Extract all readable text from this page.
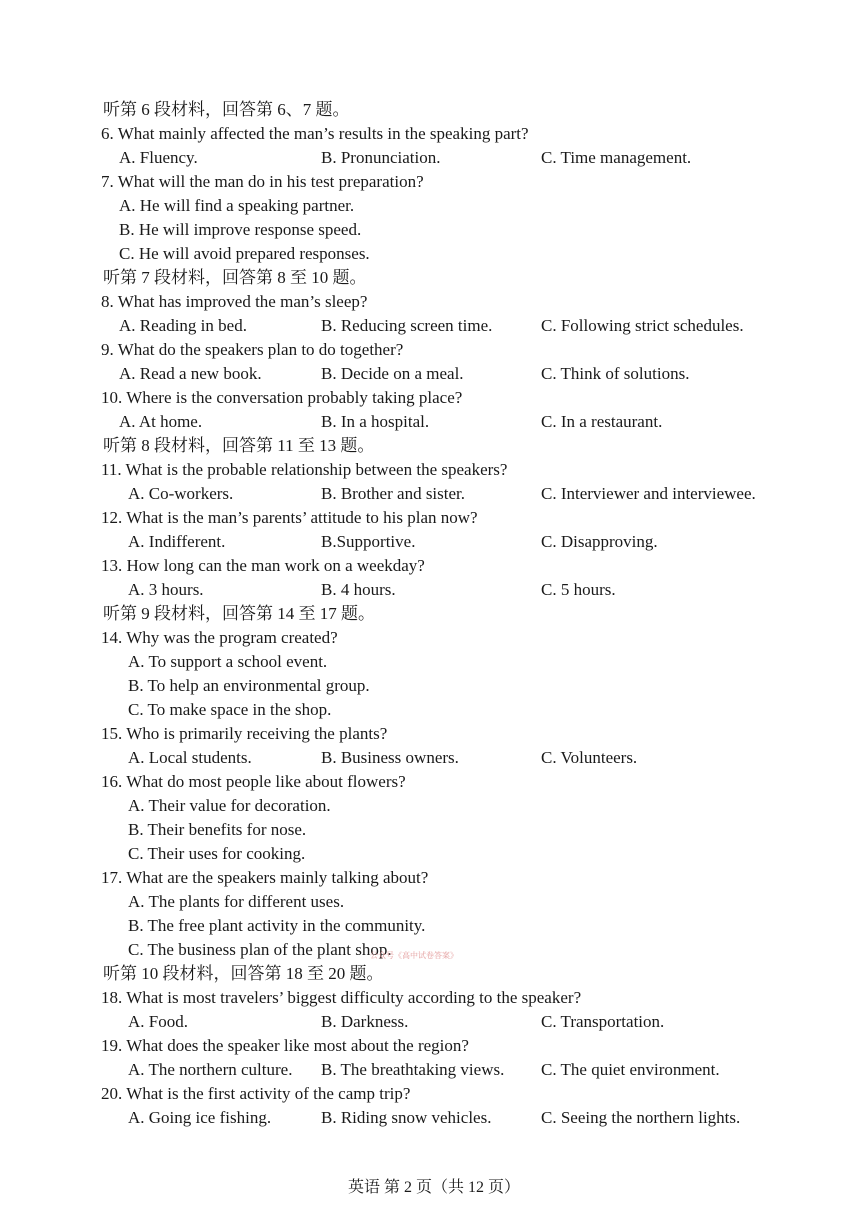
听第 6 段材料，回答第 6、7 题。
6. What mainly affected the man’s results in the speaking part?
A. Fluency.	B. Pronunciation.	C. Time management.
7. What will the man do in his test preparation?
A. He will find a speaking partner.
B. He will improve response speed.
C. He will avoid prepared responses.
听第 7 段材料，回答第 8 至 10 题。
8. What has improved the man’s sleep?
A. Reading in bed.	B. Reducing screen time.	C. Following strict schedules.
9. What do the speakers plan to do together?
A. Read a new book.	B. Decide on a meal.	C. Think of solutions.
10. Where is the conversation probably taking place?
A. At home.	B. In a hospital.	C. In a restaurant.
听第 8 段材料，回答第 11 至 13 题。
11. What is the probable relationship between the speakers?
A. Co-workers.	B. Brother and sister.	C. Interviewer and interviewee.
12. What is the man’s parents’ attitude to his plan now?
A. Indifferent.	B.Supportive.	C. Disapproving.
13. How long can the man work on a weekday?
A. 3 hours.	B. 4 hours.	C. 5 hours.
听第 9 段材料，回答第 14 至 17 题。
14. Why was the program created?
A. To support a school event.
B. To help an environmental group.
C. To make space in the shop.
15. Who is primarily receiving the plants?
A. Local students.	B. Business owners.	C. Volunteers.
16. What do most people like about flowers?
A. Their value for decoration.
B. Their benefits for nose.
C. Their uses for cooking.
17. What are the speakers mainly talking about?
A. The plants for different uses.
B. The free plant activity in the community.
C. The business plan of the plant shop.
听第 10 段材料，回答第 18 至 20 题。
18. What is most travelers’ biggest difficulty according to the speaker?
A. Food.	B. Darkness.	C. Transportation.
19. What does the speaker like most about the region?
A. The northern culture. B. The breathtaking views. C. The quiet environment.
20. What is the first activity of the camp trip?
A. Going ice fishing.	B. Riding snow vehicles.	C. Seeing the northern lights.
公众号《高中试卷答案》
英语 第 2 页（共 12 页）
